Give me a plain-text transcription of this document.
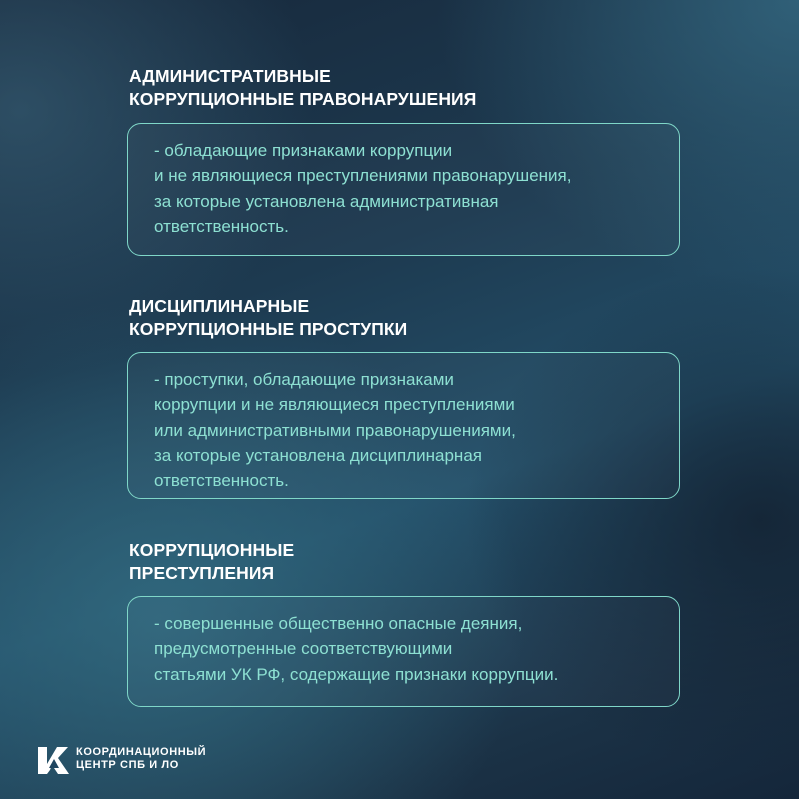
АДМИНИСТРАТИВНЫЕ
КОРРУПЦИОННЫЕ ПРАВОНАРУШЕНИЯ

- обладающие признаками коррупции
и не являющиеся преступлениями правонарушения,
за которые установлена административная
ответственность.

ДИСЦИПЛИНАРНЫЕ
КОРРУПЦИОННЫЕ ПРОСТУПКИ

- проступки, обладающие признаками
коррупции и не являющиеся преступлениями
или административными правонарушениями,
за которые установлена дисциплинарная
ответственность.

КОРРУПЦИОННЫЕ
ПРЕСТУПЛЕНИЯ

- совершенные общественно опасные деяния,
предусмотренные соответствующими
статьями УК РФ, содержащие признаки коррупции.

КООРДИНАЦИОННЫЙ
ЦЕНТР СПБ И ЛО
